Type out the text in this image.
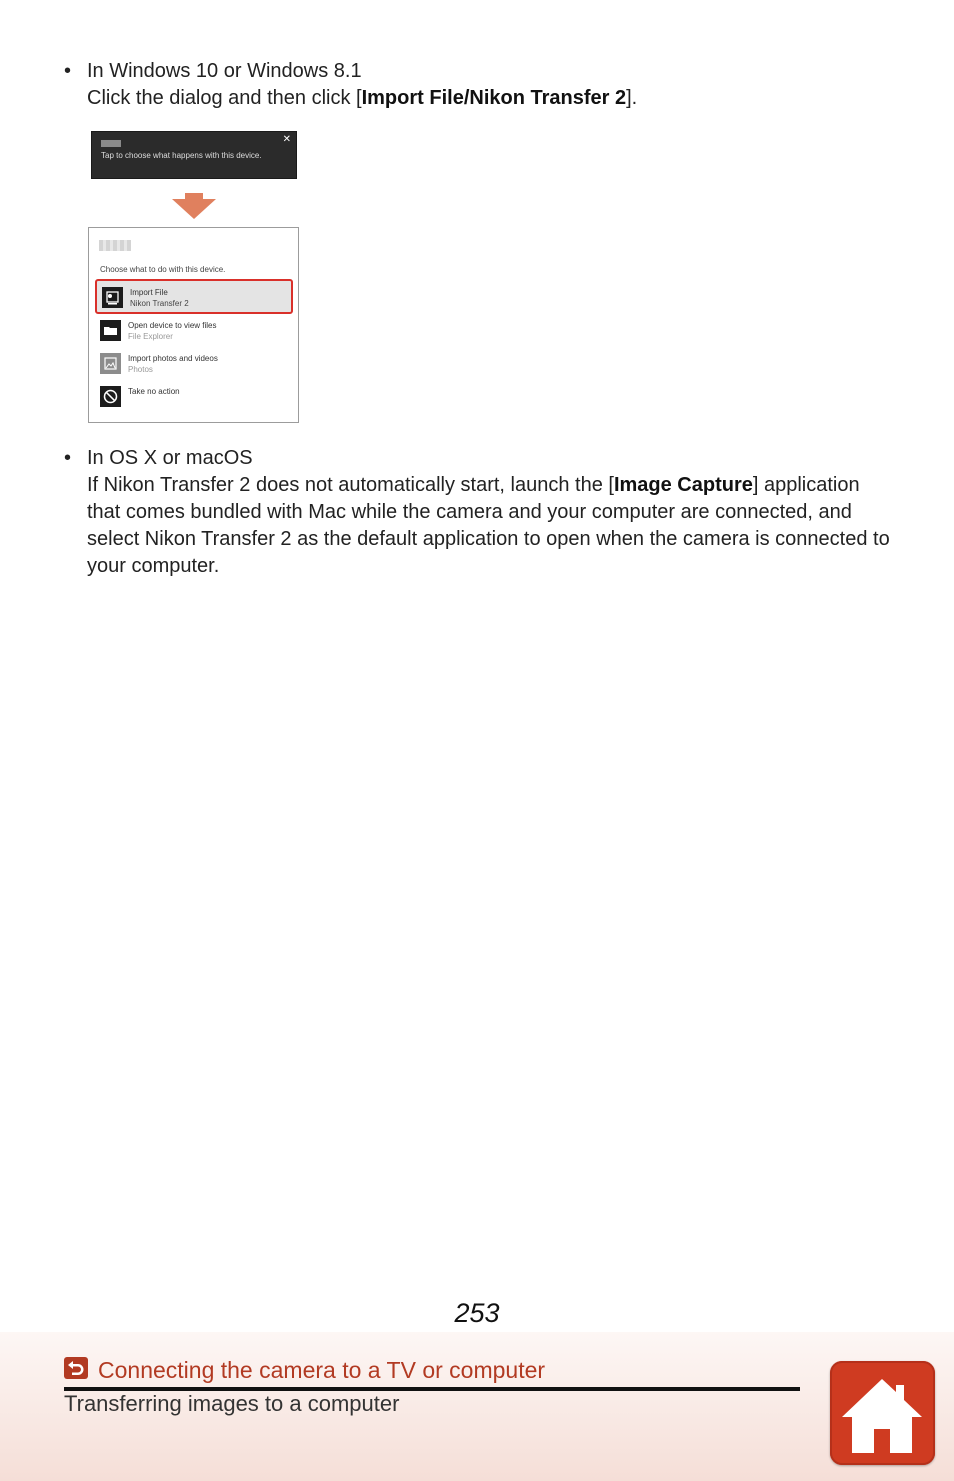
• In Windows 10 or Windows 8.1
Click the dialog and then click [Import File/Nikon Transfer 2].
Tap to choose what happens with this device.
✕
Choose what to do with this device.
Import File
Nikon Transfer 2
Open device to view files
File Explorer
Import photos and videos
Photos
Take no action
• In OS X or macOS
If Nikon Transfer 2 does not automatically start, launch the [Image Capture] application that comes bundled with Mac while the camera and your computer are connected, and select Nikon Transfer 2 as the default application to open when the camera is connected to your computer.
253
Connecting the camera to a TV or computer
Transferring images to a computer
